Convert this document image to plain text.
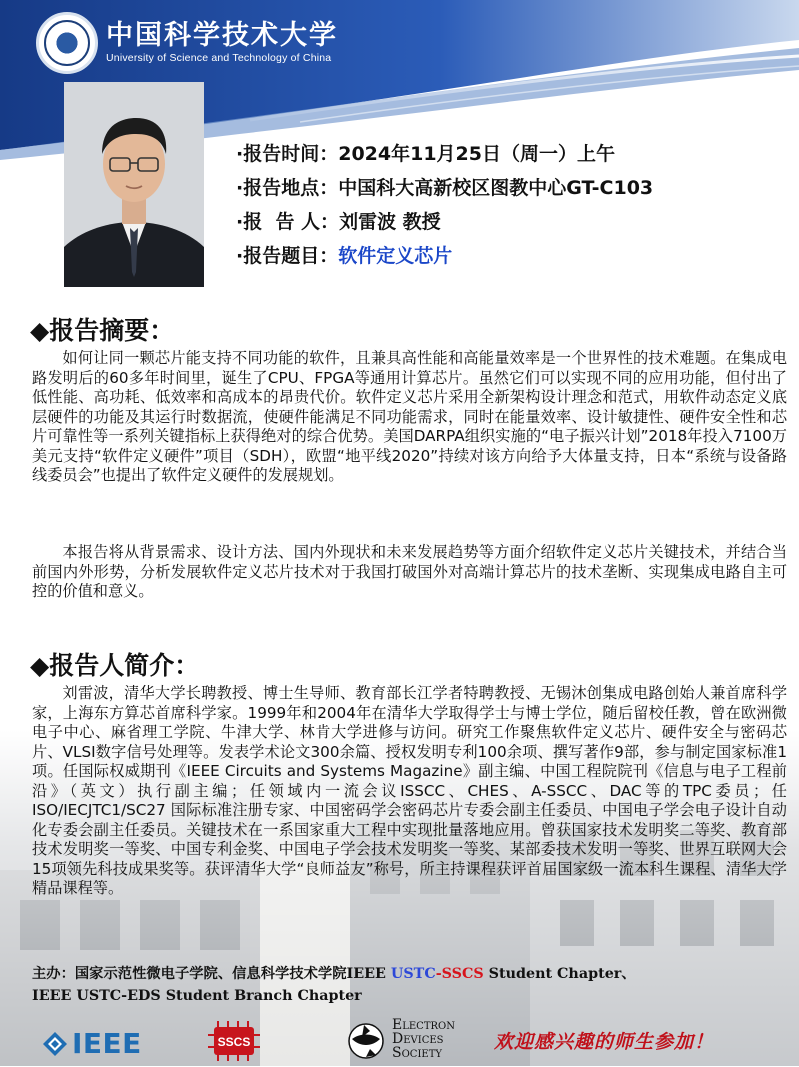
中国科学技术大学
University of Science and Technology of China
·报告时间：2024年11月25日（周一）上午
·报告地点：中国科大高新校区图教中心GT-C103
·报  告 人：刘雷波 教授
·报告题目：软件定义芯片
◆报告摘要：

如何让同一颗芯片能支持不同功能的软件，且兼具高性能和高能量效率是一个世界性的技术难题。在集成电路发明后的60多年时间里，诞生了CPU、FPGA等通用计算芯片。虽然它们可以实现不同的应用功能，但付出了低性能、高功耗、低效率和高成本的昂贵代价。软件定义芯片采用全新架构设计理念和范式，用软件动态定义底层硬件的功能及其运行时数据流，使硬件能满足不同功能需求，同时在能量效率、设计敏捷性、硬件安全性和芯片可靠性等一系列关键指标上获得绝对的综合优势。美国DARPA组织实施的“电子振兴计划”2018年投入7100万美元支持“软件定义硬件”项目（SDH），欧盟“地平线2020”持续对该方向给予大体量支持，日本“系统与设备路线委员会”也提出了软件定义硬件的发展规划。

本报告将从背景需求、设计方法、国内外现状和未来发展趋势等方面介绍软件定义芯片关键技术，并结合当前国内外形势，分析发展软件定义芯片技术对于我国打破国外对高端计算芯片的技术垄断、实现集成电路自主可控的价值和意义。

◆报告人简介：

刘雷波，清华大学长聘教授、博士生导师、教育部长江学者特聘教授、无锡沐创集成电路创始人兼首席科学家，上海东方算芯首席科学家。1999年和2004年在清华大学取得学士与博士学位，随后留校任教，曾在欧洲微电子中心、麻省理工学院、牛津大学、林肯大学进修与访问。研究工作聚焦软件定义芯片、硬件安全与密码芯片、VLSI数字信号处理等。发表学术论文300余篇、授权发明专利100余项、撰写著作9部，参与制定国家标准1项。任国际权威期刊《IEEE Circuits and Systems Magazine》副主编、中国工程院院刊《信息与电子工程前沿》（英文）执行副主编；任领域内一流会议ISSCC、CHES、A-SSCC、DAC等的TPC委员；任ISO/IECJTC1/SC27 国际标准注册专家、中国密码学会密码芯片专委会副主任委员、中国电子学会电子设计自动化专委会副主任委员。关键技术在一系国家重大工程中实现批量落地应用。曾获国家技术发明奖二等奖、教育部技术发明奖一等奖、中国专利金奖、中国电子学会技术发明奖一等奖、某部委技术发明一等奖、世界互联网大会15项领先科技成果奖等。获评清华大学“良师益友”称号，所主持课程获评首届国家级一流本科生课程、清华大学精品课程等。

主办：国家示范性微电子学院、信息科学技术学院IEEE USTC-SSCS Student Chapter、
IEEE USTC-EDS Student Branch Chapter
IEEE	SSCS
ELECTRON
DEVICES
SOCIETY
欢迎感兴趣的师生参加！
